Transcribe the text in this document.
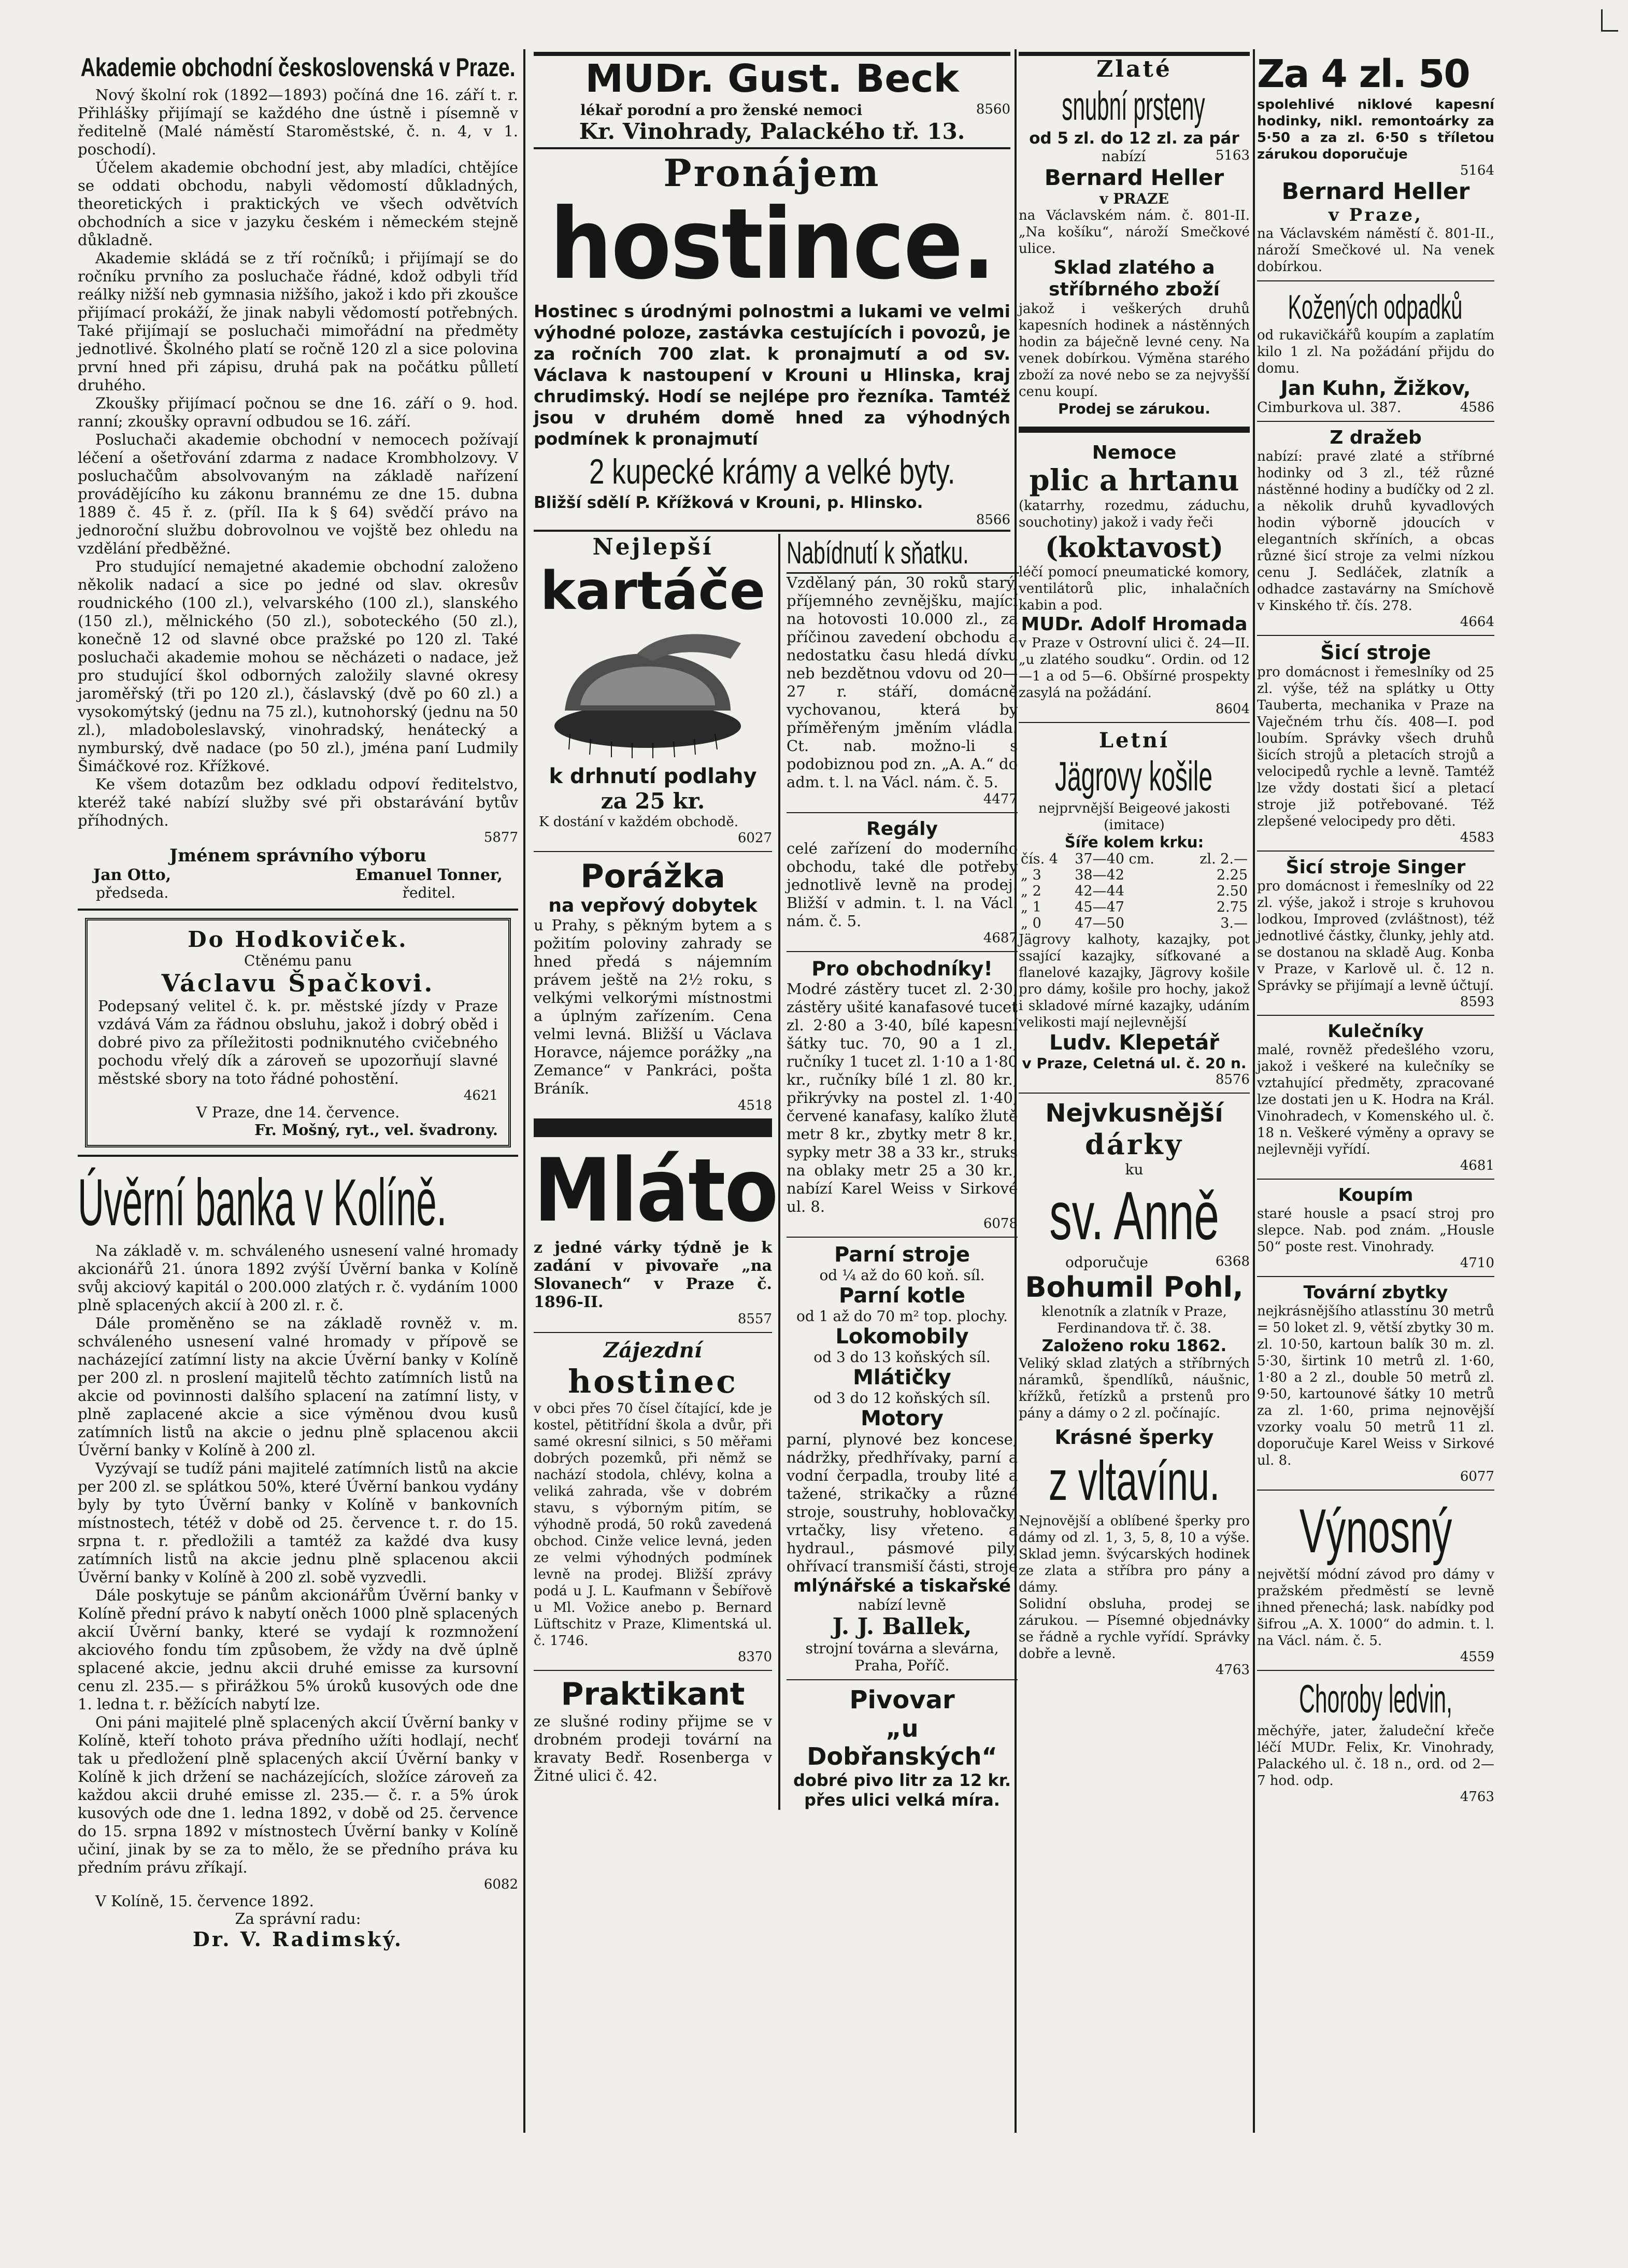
Akademie obchodní československá v Praze.

Nový školní rok (1892—1893) počíná dne 16. září t. r. Přihlášky přijímají se každého dne ústně i písemně v ředitelně (Malé náměstí Staroměstské, č. n. 4, v 1. poschodí).

Účelem akademie obchodní jest, aby mladíci, chtějíce se oddati obchodu, nabyli vědomostí důkladných, theoretických i praktických ve všech odvětvích obchodních a sice v jazyku českém i německém stejně důkladně.

Akademie skládá se z tří ročníků; i přijímají se do ročníku prvního za posluchače řádné, kdož odbyli tříd reálky nižší neb gymnasia nižšího, jakož i kdo při zkoušce přijímací prokáží, že jinak nabyli vědomostí potřebných. Také přijímají se posluchači mimořádní na předměty jednotlivé. Školného platí se ročně 120 zl a sice polovina první hned při zápisu, druhá pak na počátku půlletí druhého.

Zkoušky přijímací počnou se dne 16. září o 9. hod. ranní; zkoušky opravní odbudou se 16. září.

Posluchači akademie obchodní v nemocech požívají léčení a ošetřování zdarma z nadace Krombholzovy. V posluchačům absolvovaným na základě nařízení provádějícího ku zákonu brannému ze dne 15. dubna 1889 č. 45 ř. z. (příl. IIa k § 64) svědčí právo na jednoroční službu dobrovolnou ve vojště bez ohledu na vzdělání předběžné.

Pro studující nemajetné akademie obchodní založeno několik nadací a sice po jedné od slav. okresův roudnického (100 zl.), velvarského (100 zl.), slanského (150 zl.), mělnického (50 zl.), soboteckého (50 zl.), konečně 12 od slavné obce pražské po 120 zl. Také posluchači akademie mohou se něcházeti o nadace, jež pro studující škol odborných založily slavné okresy jaroměřský (tři po 120 zl.), čáslavský (dvě po 60 zl.) a vysokomýtský (jednu na 75 zl.), kutnohorský (jednu na 50 zl.), mladoboleslavský, vinohradský, henátecký a nymburský, dvě nadace (po 50 zl.), jména paní Ludmily Šimáčkové roz. Křížkové.

Ke všem dotazům bez odkladu odpoví ředitelstvo, kteréž také nabízí služby své při obstarávání bytův příhodných.

5877
Jménem správního výboru
Jan Otto,
předseda.
Emanuel Tonner,
ředitel.
Do Hodkoviček.
Ctěnému panu
Václavu Špačkovi.
Podepsaný velitel č. k. pr. městské jízdy v Praze vzdává Vám za řádnou obsluhu, jakož i dobrý oběd i dobré pivo za příležitosti podniknutého cvičebného pochodu vřelý dík a zároveň se upozorňují slavné městské sbory na toto řádné pohostění.
4621
V Praze, dne 14. července.
Fr. Mošný, ryt., vel. švadrony.
Úvěrní banka v Kolíně.

Na základě v. m. schváleného usnesení valné hromady akcionářů 21. února 1892 zvýší Úvěrní banka v Kolíně svůj akciový kapitál o 200.000 zlatých r. č. vydáním 1000 plně splacených akcií à 200 zl. r. č.

Dále proměněno se na základě rovněž v. m. schváleného usnesení valné hromady v přípově se nacházející zatímní listy na akcie Úvěrní banky v Kolíně per 200 zl. n proslení majitelů těchto zatímních listů na akcie od povinnosti dalšího splacení na zatímní listy, v plně zaplacené akcie a sice výměnou dvou kusů zatímních listů na akcie o jednu plně splacenou akcii Úvěrní banky v Kolíně à 200 zl.

Vyzývají se tudíž páni majitelé zatímních listů na akcie per 200 zl. se splátkou 50%, které Úvěrní bankou vydány byly by tyto Úvěrní banky v Kolíně v bankovních místnostech, tétéž v době od 25. července t. r. do 15. srpna t. r. předložili a tamtéž za každé dva kusy zatímních listů na akcie jednu plně splacenou akcii Úvěrní banky v Kolíně à 200 zl. sobě vyzvedli.

Dále poskytuje se pánům akcionářům Úvěrní banky v Kolíně přední právo k nabytí oněch 1000 plně splacených akcií Úvěrní banky, které se vydají k rozmnožení akciového fondu tím způsobem, že vždy na dvě úplně splacené akcie, jednu akcii druhé emisse za kursovní cenu zl. 235.— s přirážkou 5% úroků kusových ode dne 1. ledna t. r. běžících nabytí lze.

Oni páni majitelé plně splacených akcií Úvěrní banky v Kolíně, kteří tohoto práva předního užíti hodlají, nechť tak u předložení plně splacených akcií Úvěrní banky v Kolíně k jich držení se nacházejících, složíce zároveň za každou akcii druhé emisse zl. 235.— č. r. a 5% úrok kusových ode dne 1. ledna 1892, v době od 25. července do 15. srpna 1892 v místnostech Úvěrní banky v Kolíně učiní, jinak by se za to mělo, že se předního práva ku předním právu zříkají.

6082
V Kolíně, 15. července 1892.
Za správní radu:
Dr. V. Radimský.
MUDr. Gust. Beck
lékař porodní a pro ženské nemoci	8560
Kr. Vinohrady, Palackého tř. 13.
Pronájem
hostince.
Hostinec s úrodnými polnostmi a lukami ve velmi výhodné poloze, zastávka cestujících i povozů, je za ročních 700 zlat. k pronajmutí a od sv. Václava k nastoupení v Krouni u Hlinska, kraj chrudimský. Hodí se nejlépe pro řezníka. Tamtéž jsou v druhém domě hned za výhodných podmínek k pronajmutí
2 kupecké krámy a velké byty.
Bližší sdělí P. Křížková v Krouni, p. Hlinsko.
8566
Nejlepší
kartáče
k drhnutí podlahy
za 25 kr.
K dostání v každém obchodě.
6027
Porážka
na vepřový dobytek
u Prahy, s pěkným bytem a s požitím poloviny zahrady se hned předá s nájemním právem ještě na 2½ roku, s velkými velkorými místnostmi a úplným zařízením. Cena velmi levná. Bližší u Václava Horavce, nájemce porážky „na Zemance“ v Pankráci, pošta Bráník.
4518
Mláto
z jedné várky týdně je k zadání v pivovaře „na Slovanech“ v Praze č. 1896-II.
8557
Zájezdní
hostinec
v obci přes 70 čísel čítající, kde je kostel, pětitřídní škola a dvůr, při samé okresní silnici, s 50 měřami dobrých pozemků, při němž se nachází stodola, chlévy, kolna a veliká zahrada, vše v dobrém stavu, s výborným pitím, se výhodně prodá, 50 roků zavedená obchod. Cinže velice levná, jeden ze velmi výhodných podmínek levně na prodej. Bližší zprávy podá u J. L. Kaufmann v Šebířově u Ml. Vožice anebo p. Bernard Lüftschitz v Praze, Klimentská ul. č. 1746.
8370
Praktikant
ze slušné rodiny přijme se v drobném prodeji tovární na kravaty Bedř. Rosenberga v Žitné ulici č. 42.
Nabídnutí k sňatku.
Vzdělaný pán, 30 roků starý, příjemného zevnějšku, mající na hotovosti 10.000 zl., za příčinou zavedení obchodu a nedostatku času hledá dívku neb bezdětnou vdovu od 20—27 r. stáří, domácně vychovanou, která by příměřeným jměním vládla. Ct. nab. možno-li s podobiznou pod zn. „A. A.“ do adm. t. l. na Václ. nám. č. 5.
4477
Regály
celé zařízení do moderního obchodu, také dle potřeby jednotlivě levně na prodej. Bližší v admin. t. l. na Václ. nám. č. 5.
4687
Pro obchodníky!
Modré zástěry tucet zl. 2·30, zástěry ušité kanafasové tucet zl. 2·80 a 3·40, bílé kapesní šátky tuc. 70, 90 a 1 zl., ručníky 1 tucet zl. 1·10 a 1·80 kr., ručníky bílé 1 zl. 80 kr., přikrývky na postel zl. 1·40, červené kanafasy, kalíko žlutě metr 8 kr., zbytky metr 8 kr., sypky metr 38 a 33 kr., struks na oblaky metr 25 a 30 kr., nabízí Karel Weiss v Sirkové ul. 8.
6078
Parní stroje
od ¼ až do 60 koň. síl.
Parní kotle
od 1 až do 70 m² top. plochy.
Lokomobily
od 3 do 13 koňských síl.
Mlátičky
od 3 do 12 koňských síl.
Motory
parní, plynové bez koncese, nádržky, předhřívaky, parní a vodní čerpadla, trouby lité a tažené, strikačky a různé stroje, soustruhy, hoblovačky, vrtačky, lisy vřeteno. a hydraul., pásmové pily, ohřívací transmiší části, stroje
mlýnářské a tiskařské
nabízí levně
J. J. Ballek,
strojní továrna a slevárna, Praha, Poříč.
Pivovar
„u Dobřanských“
dobré pivo litr za 12 kr. přes ulici velká míra.
Zlaté
snubní prsteny
od 5 zl. do 12 zl. za pár
nabízí	5163
Bernard Heller
v PRAZE
na Václavském nám. č. 801-II. „Na košíku“, nároží Smečkové ulice.
Sklad zlatého a stříbrného zboží
jakož i veškerých druhů kapesních hodinek a nástěnných hodin za báječně levné ceny. Na venek dobírkou. Výměna starého zboží za nové nebo se za nejvyšší cenu koupí.
Prodej se zárukou.
Nemoce
plic a hrtanu
(katarrhy, rozedmu, záduchu, souchotiny) jakož i vady řeči
(koktavost)
léčí pomocí pneumatické komory, ventilátorů plic, inhalačních kabin a pod.
MUDr. Adolf Hromada
v Praze v Ostrovní ulici č. 24—II. „u zlatého soudku“. Ordin. od 12—1 a od 5—6. Obšírné prospekty zasylá na požádání.
8604
Letní
Jägrovy košile
nejprvnější Beigeové jakosti (imitace)
Šíře kolem krku:
čís. 4	37—40 cm.	zl. 2.—
„ 3	38—42	2.25
„ 2	42—44	2.50
„ 1	45—47	2.75
„ 0	47—50	3.—
Jägrovy kalhoty, kazajky, pot ssající kazajky, síťkované a flanelové kazajky, Jägrovy košile pro dámy, košile pro hochy, jakož i skladové mírné kazajky, udáním velikosti mají nejlevnější
Ludv. Klepetář
v Praze, Celetná ul. č. 20 n.
8576
Nejvkusnější
dárky
ku
sv. Anně
odporučuje	6368
Bohumil Pohl,
klenotník a zlatník v Praze, Ferdinandova tř. č. 38.
Založeno roku 1862.
Veliký sklad zlatých a stříbrných náramků, špendlíků, náušnic, křížků, řetízků a prstenů pro pány a dámy o 2 zl. počínajíc.
Krásné šperky
z vltavínu.
Nejnovější a oblíbené šperky pro dámy od zl. 1, 3, 5, 8, 10 a výše. Sklad jemn. švýcarských hodinek ze zlata a stříbra pro pány a dámy.
Solidní obsluha, prodej se zárukou. — Písemné objednávky se řádně a rychle vyřídí. Správky dobře a levně.
4763
Za 4 zl. 50
spolehlivé niklové kapesní hodinky, nikl. remontoárky za 5·50 a za zl. 6·50 s tříletou zárukou doporučuje
5164
Bernard Heller
v Praze,
na Václavském náměstí č. 801-II., nároží Smečkové ul. Na venek dobírkou.
Kožených odpadků
od rukavičkářů koupím a zaplatím kilo 1 zl. Na požádání přijdu do domu.
Jan Kuhn, Žižkov,
Cimburkova ul. 387.	4586
Z dražeb
nabízí: pravé zlaté a stříbrné hodinky od 3 zl., též různé nástěnné hodiny a budíčky od 2 zl. a několik druhů kyvadlových hodin výborně jdoucích v elegantních skříních, a obcas různé šicí stroje za velmi nízkou cenu J. Sedláček, zlatník a odhadce zastavárny na Smíchově v Kinského tř. čís. 278.
4664
Šicí stroje
pro domácnost i řemeslníky od 25 zl. výše, též na splátky u Otty Tauberta, mechanika v Praze na Vaječném trhu čís. 408—I. pod loubím. Správky všech druhů šicích strojů a pletacích strojů a velocipedů rychle a levně. Tamtéž lze vždy dostati šicí a pletací stroje již potřebované. Též zlepšené velocipedy pro děti.
4583
Šicí stroje Singer
pro domácnost i řemeslníky od 22 zl. výše, jakož i stroje s kruhovou lodkou, Improved (zvláštnost), též jednotlivé částky, člunky, jehly atd. se dostanou na skladě Aug. Konba v Praze, v Karlově ul. č. 12 n. Správky se přijímají a levně účtují.
8593
Kulečníky
malé, rovněž předešlého vzoru, jakož i veškeré na kulečníky se vztahující předměty, zpracované lze dostati jen u K. Hodra na Král. Vinohradech, v Komenského ul. č. 18 n. Veškeré výměny a opravy se nejlevněji vyřídí.
4681
Koupím
staré housle a psací stroj pro slepce. Nab. pod znám. „Housle 50“ poste rest. Vinohrady.
4710
Tovární zbytky
nejkrásnějšího atlasstínu 30 metrů = 50 loket zl. 9, větší zbytky 30 m. zl. 10·50, kartoun balík 30 m. zl. 5·30, širtink 10 metrů zl. 1·60, 1·80 a 2 zl., double 50 metrů zl. 9·50, kartounové šátky 10 metrů za zl. 1·60, prima nejnovější vzorky voalu 50 metrů 11 zl. doporučuje Karel Weiss v Sirkové ul. 8.
6077
Výnosný
největší módní závod pro dámy v pražském předměstí se levně ihned přenechá; lask. nabídky pod šifrou „A. X. 1000“ do admin. t. l. na Václ. nám. č. 5.
4559
Choroby ledvin,
měchýře, jater, žaludeční křeče léčí MUDr. Felix, Kr. Vinohrady, Palackého ul. č. 18 n., ord. od 2—7 hod. odp.
4763
